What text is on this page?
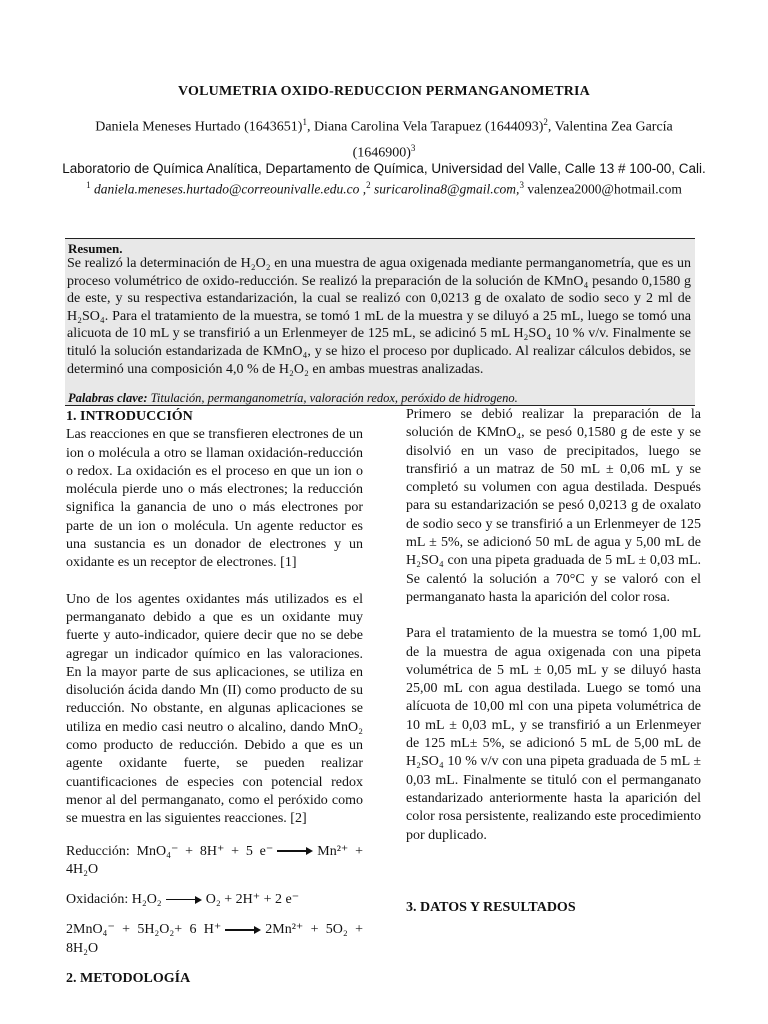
VOLUMETRIA OXIDO-REDUCCION PERMANGANOMETRIA
Daniela Meneses Hurtado $(1643651)^1$, Diana Carolina Vela Tarapuez $(1644093)^2$, Valentina Zea García $(1646900)^3$
Laboratorio de Química Analítica, Departamento de Química, Universidad del Valle, Calle 13 # 100-00, Cali.
$^1$ daniela.meneses.hurtado@correounivalle.edu.co ,$^2$ suricarolina8@gmail.com,$^3$ valenzea2000@hotmail.com
Resumen.
Se realizó la determinación de H₂O₂ en una muestra de agua oxigenada mediante permanganometría, que es un proceso volumétrico de oxido-reducción. Se realizó la preparación de la solución de KMnO₄ pesando 0,1580 g de este, y su respectiva estandarización, la cual se realizó con 0,0213 g de oxalato de sodio seco y 2 ml de H₂SO₄. Para el tratamiento de la muestra, se tomó 1 mL de la muestra y se diluyó a 25 mL, luego se tomó una alicuota de 10 mL y se transfirió a un Erlenmeyer de 125 mL, se adicinó 5 mL H₂SO₄ 10 % v/v. Finalmente se tituló la solución estandarizada de KMnO₄, y se hizo el proceso por duplicado. Al realizar cálculos debidos, se determinó una composición 4,0 % de H₂O₂ en ambas muestras analizadas.
Palabras clave: Titulación, permanganometría, valoración redox, peróxido de hidrogeno.
1. INTRODUCCIÓN

Las reacciones en que se transfieren electrones de un ion o molécula a otro se llaman oxidación-reducción o redox. La oxidación es el proceso en que un ion o molécula pierde uno o más electrones; la reducción significa la ganancia de uno o más electrones por parte de un ion o molécula. Un agente reductor es una sustancia es un donador de electrones y un oxidante es un receptor de electrones. [1]

Uno de los agentes oxidantes más utilizados es el permanganato debido a que es un oxidante muy fuerte y auto-indicador, quiere decir que no se debe agregar un indicador químico en las valoraciones. En la mayor parte de sus aplicaciones, se utiliza en disolución ácida dando Mn (II) como producto de su reducción. No obstante, en algunas aplicaciones se utiliza en medio casi neutro o alcalino, dando MnO₂ como producto de reducción. Debido a que es un agente oxidante fuerte, se pueden realizar cuantificaciones de especies con potencial redox menor al del permanganato, como el peróxido como se muestra en las siguientes reacciones. [2]

Reducción: MnO₄⁻ + 8H⁺ + 5 e⁻	Mn²⁺ + 4H₂O
Oxidación: H₂O₂	O₂ + 2H⁺ + 2 e⁻
2MnO₄⁻ + 5H₂O₂+ 6 H⁺	2Mn²⁺ + 5O₂ + 8H₂O
2. METODOLOGÍA

Primero se debió realizar la preparación de la solución de KMnO₄, se pesó 0,1580 g de este y se disolvió en un vaso de precipitados, luego se transfirió a un matraz de 50 mL ± 0,06 mL y se completó su volumen con agua destilada. Después para su estandarización se pesó 0,0213 g de oxalato de sodio seco y se transfirió a un Erlenmeyer de 125 mL ± 5%, se adicionó 50 mL de agua y 5,00 mL de H₂SO₄ con una pipeta graduada de 5 mL ± 0,03 mL. Se calentó la solución a 70°C y se valoró con el permanganato hasta la aparición del color rosa.

Para el tratamiento de la muestra se tomó 1,00 mL de la muestra de agua oxigenada con una pipeta volumétrica de 5 mL ± 0,05 mL y se diluyó hasta 25,00 mL con agua destilada. Luego se tomó una alícuota de 10,00 ml con una pipeta volumétrica de 10 mL ± 0,03 mL, y se transfirió a un Erlenmeyer de 125 mL± 5%, se adicionó 5 mL de 5,00 mL de H₂SO₄ 10 % v/v con una pipeta graduada de 5 mL ± 0,03 mL. Finalmente se tituló con el permanganato estandarizado anteriormente hasta la aparición del color rosa persistente, realizando este procedimiento por duplicado.

3. DATOS Y RESULTADOS
